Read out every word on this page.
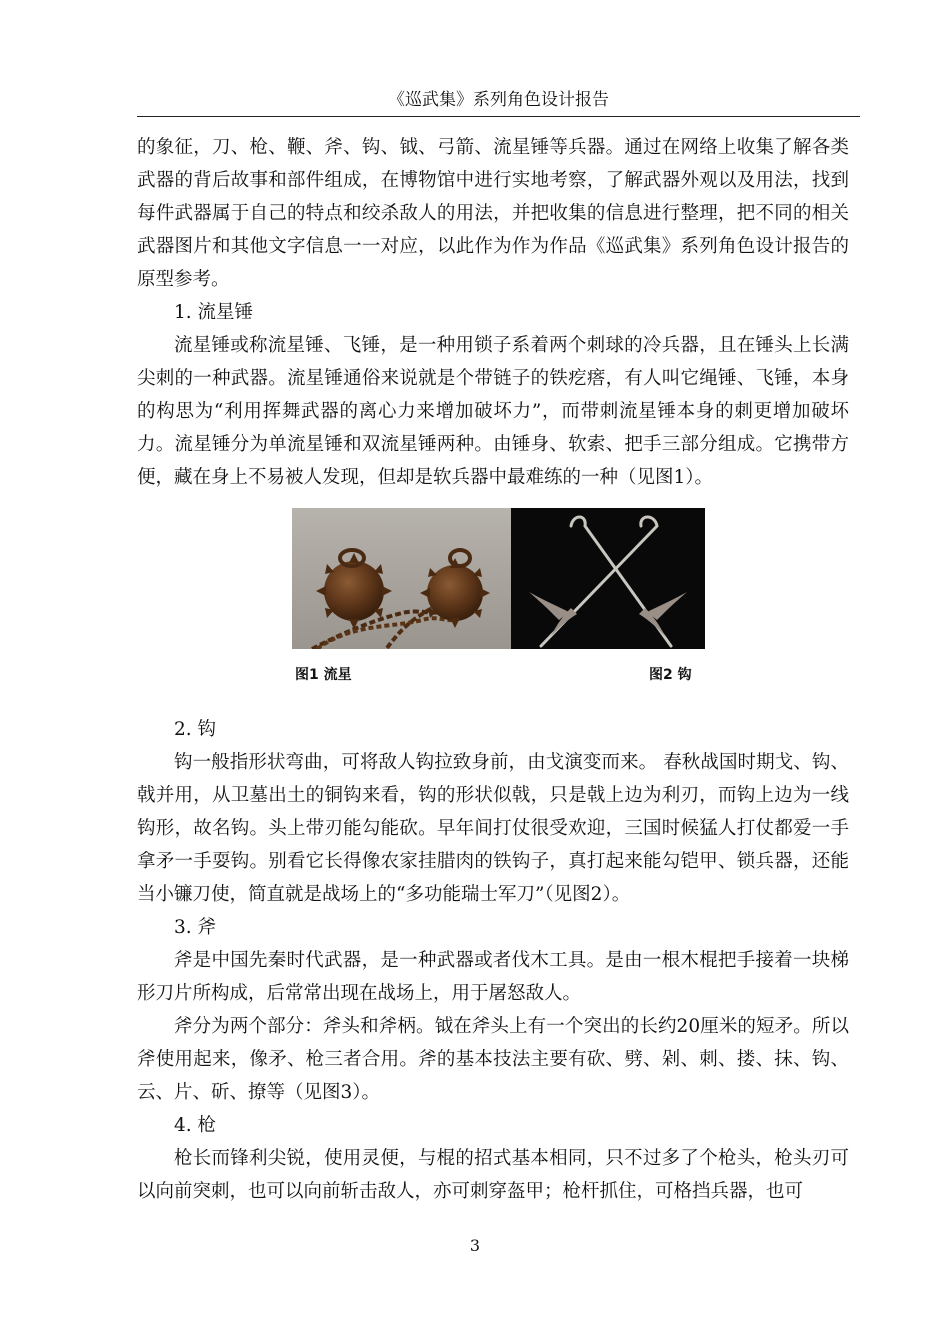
《巡武集》系列角色设计报告

的象征，刀、枪、鞭、斧、钩、钺、弓箭、流星锤等兵器。通过在网络上收集了解各类武器的背后故事和部件组成，在博物馆中进行实地考察，了解武器外观以及用法，找到每件武器属于自己的特点和绞杀敌人的用法，并把收集的信息进行整理，把不同的相关武器图片和其他文字信息一一对应，以此作为作为作品《巡武集》系列角色设计报告的原型参考。

1. 流星锤

流星锤或称流星锤、飞锤，是一种用锁子系着两个刺球的冷兵器，且在锤头上长满尖刺的一种武器。流星锤通俗来说就是个带链子的铁疙瘩，有人叫它绳锤、飞锤，本身的构思为“利用挥舞武器的离心力来增加破坏力”，而带刺流星锤本身的刺更增加破坏力。流星锤分为单流星锤和双流星锤两种。由锤身、软索、把手三部分组成。它携带方便，藏在身上不易被人发现，但却是软兵器中最难练的一种（见图1）。

图1 流星	图2 钩

2. 钩

钩一般指形状弯曲，可将敌人钩拉致身前，由戈演变而来。 春秋战国时期戈、钩、戟并用，从卫墓出土的铜钩来看，钩的形状似戟，只是戟上边为利刃，而钩上边为一线钩形，故名钩。头上带刃能勾能砍。早年间打仗很受欢迎，三国时候猛人打仗都爱一手拿矛一手耍钩。别看它长得像农家挂腊肉的铁钩子，真打起来能勾铠甲、锁兵器，还能当小镰刀使，简直就是战场上的“多功能瑞士军刀”（见图2）。

3. 斧

斧是中国先秦时代武器，是一种武器或者伐木工具。是由一根木棍把手接着一块梯形刀片所构成，后常常出现在战场上，用于屠怒敌人。

斧分为两个部分：斧头和斧柄。钺在斧头上有一个突出的长约20厘米的短矛。所以斧使用起来，像矛、枪三者合用。斧的基本技法主要有砍、劈、剁、刺、搂、抹、钩、云、片、斫、撩等（见图3）。

4. 枪

枪长而锋利尖锐，使用灵便，与棍的招式基本相同，只不过多了个枪头，枪头刃可以向前突刺，也可以向前斩击敌人，亦可刺穿盔甲；枪杆抓住，可格挡兵器，也可

3
